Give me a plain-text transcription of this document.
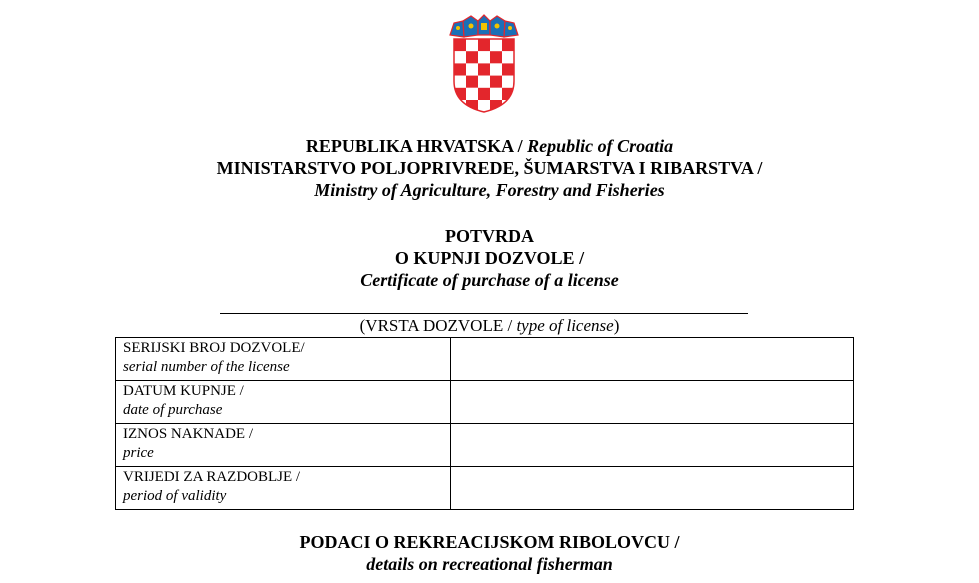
REPUBLIKA HRVATSKA / Republic of Croatia
MINISTARSTVO POLJOPRIVREDE, ŠUMARSTVA I RIBARSTVA /
Ministry of Agriculture, Forestry and Fisheries
POTVRDA
O KUPNJI DOZVOLE /
Certificate of purchase of a license
(VRSTA DOZVOLE / type of license)
SERIJSKI BROJ DOZVOLE/
serial number of the license	

DATUM KUPNJE /
date of purchase	

IZNOS NAKNADE /
price	

VRIJEDI ZA RAZDOBLJE /
period of validity	

PODACI O REKREACIJSKOM RIBOLOVCU /
details on recreational fisherman
